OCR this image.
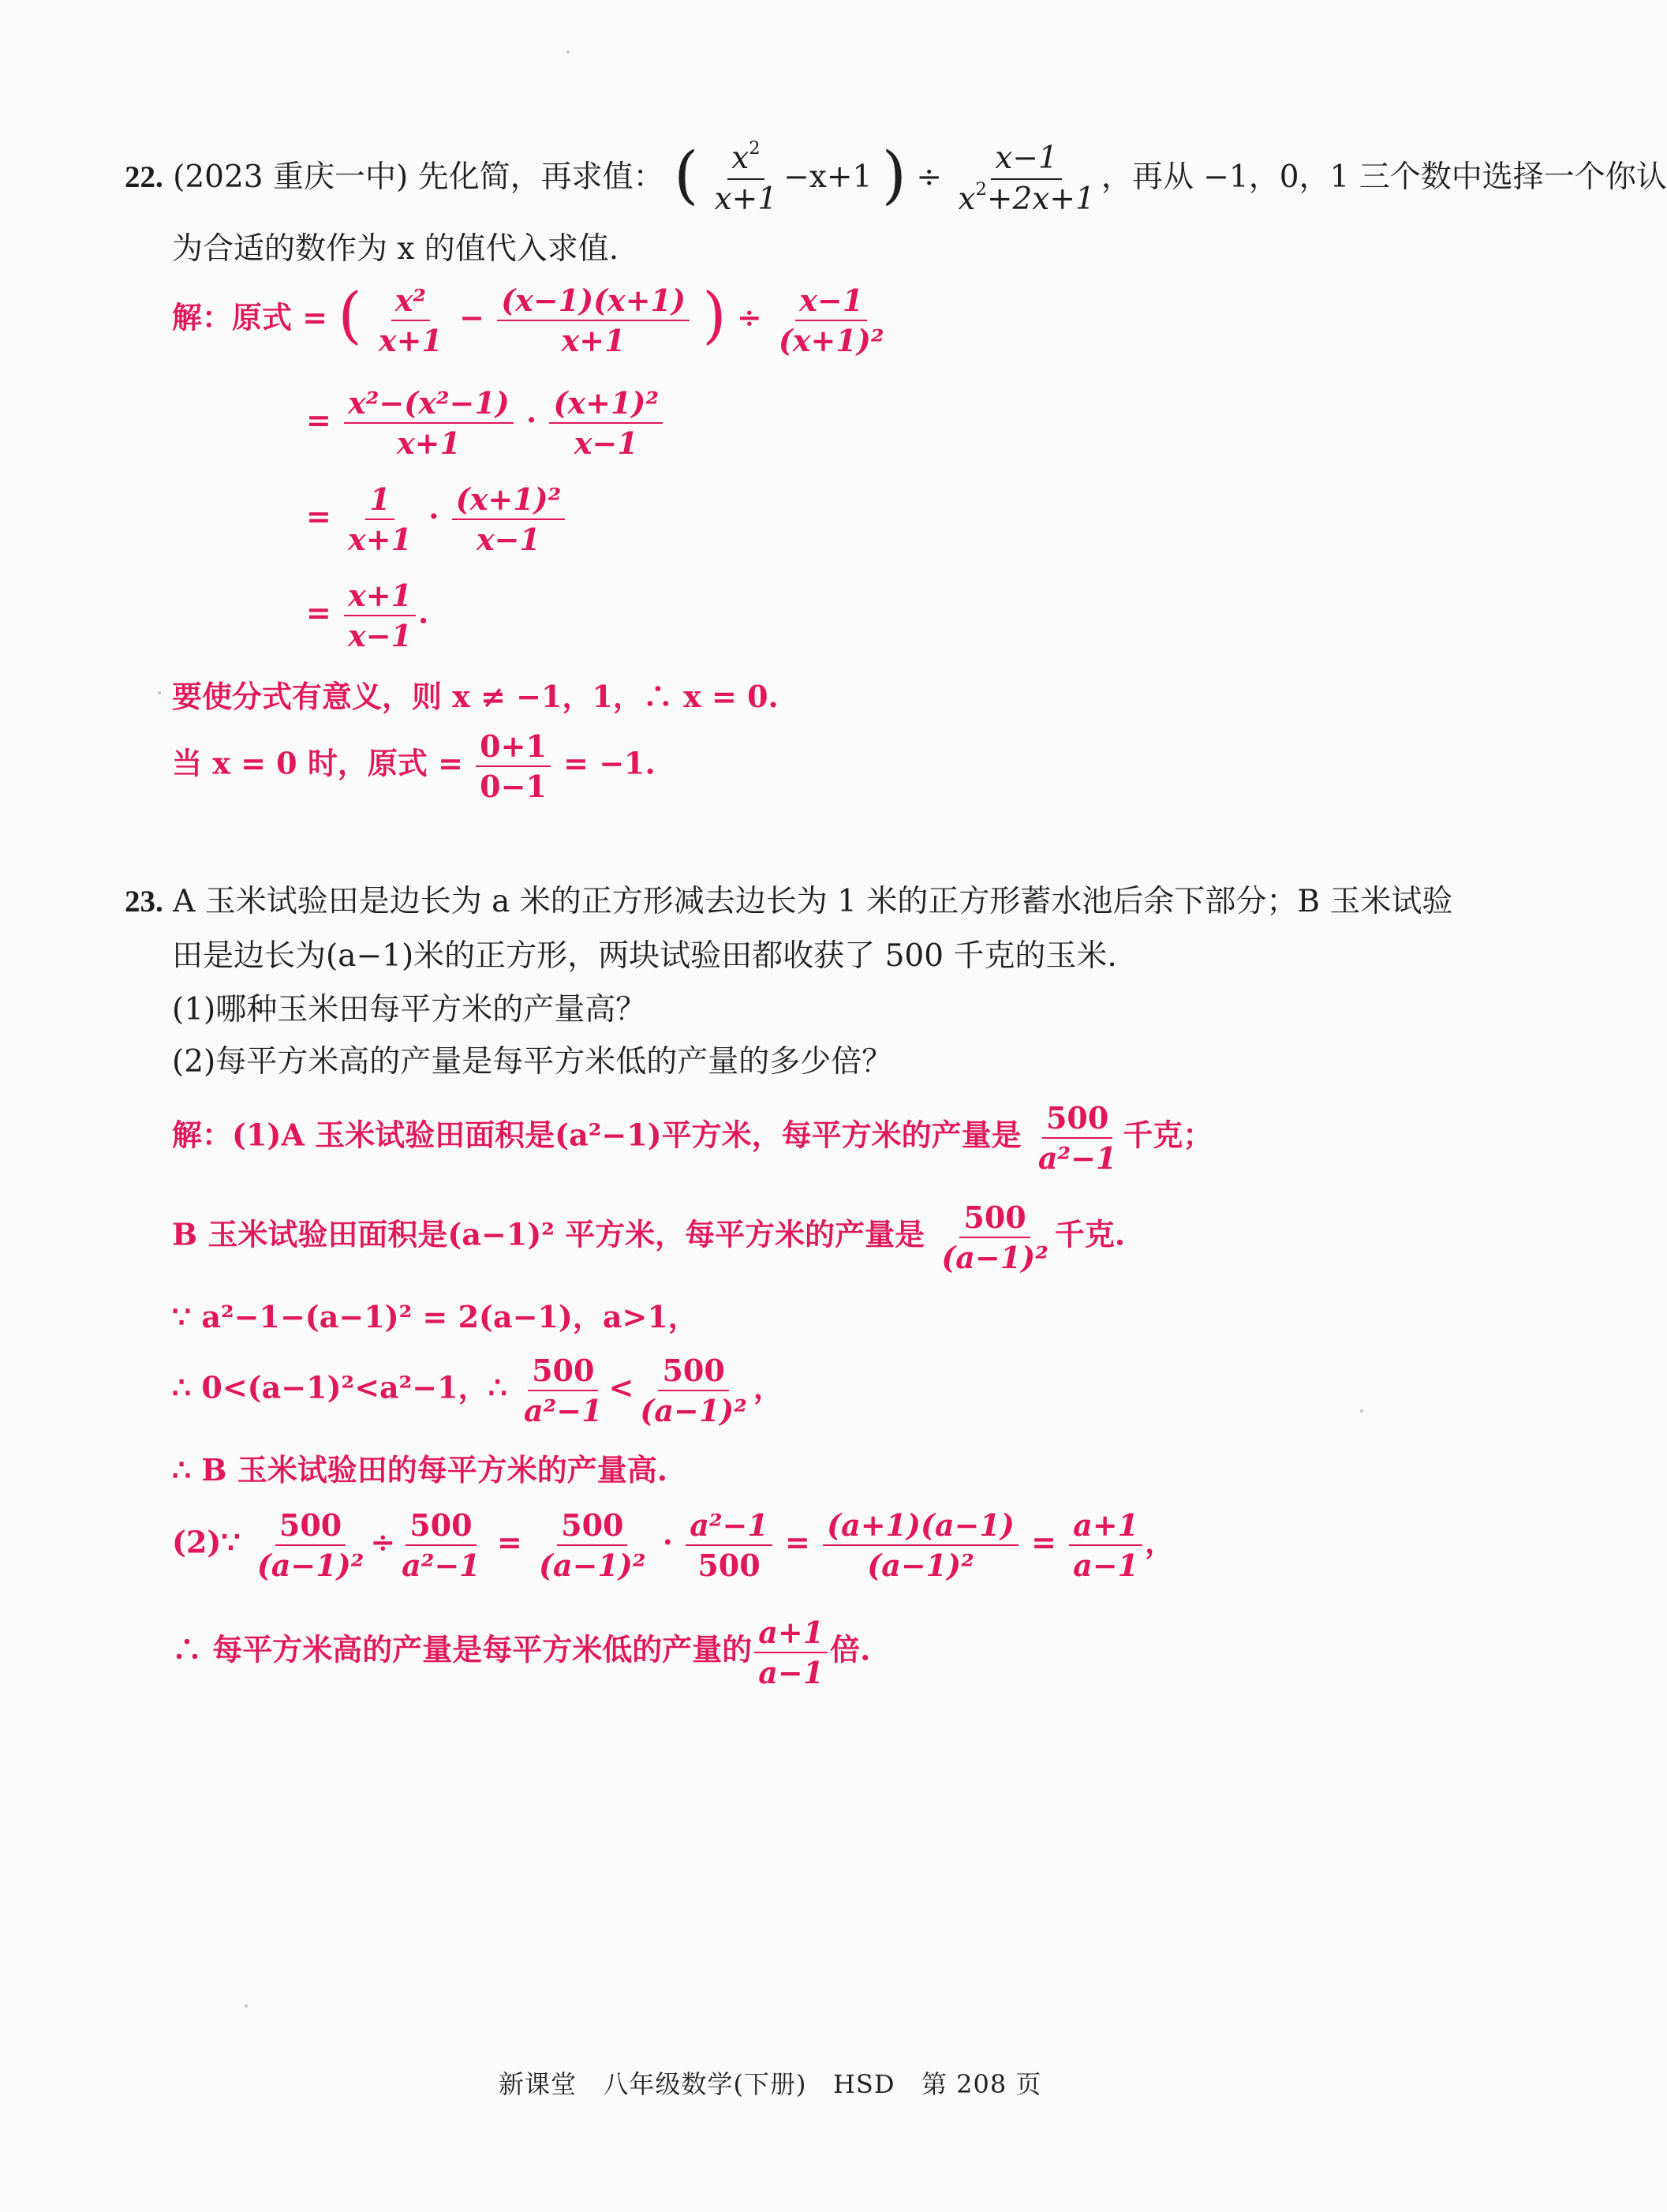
22. (2023 重庆一中) 先化简，再求值： ( $\frac{x^2}{x+1} -x+1$ ) ÷ $\frac{x-1}{x^2+2x+1}$ ，再从 −1，0，1 三个数中选择一个你认
为合适的数作为 x 的值代入求值.
解：原式 = ( $\frac{\text{x²}}{x+1} - \frac{(x-1)(x+1)}{x+1}$ ) ÷ $\frac{x-1}{\text{(x+1)²}}$
= $\frac{\text{x²−(x²−1)}}{x+1} \cdot \frac{\text{(x+1)²}}{x-1}$
= $\frac{1}{x+1} \cdot \frac{\text{(x+1)²}}{x-1}$
= $\frac{x+1}{x-1}$ .
要使分式有意义，则 x ≠ −1，1，∴ x = 0.
当 x = 0 时，原式 = $\frac{0+1}{0-1} = -1$.
23. A 玉米试验田是边长为 a 米的正方形减去边长为 1 米的正方形蓄水池后余下部分；B 玉米试验
田是边长为(a−1)米的正方形，两块试验田都收获了 500 千克的玉米.
(1)哪种玉米田每平方米的产量高？
(2)每平方米高的产量是每平方米低的产量的多少倍？
解：(1)A 玉米试验田面积是(a²−1)平方米，每平方米的产量是 $\frac{500}{\text{a²−1}}$ 千克；
B 玉米试验田面积是(a−1)² 平方米，每平方米的产量是 $\frac{500}{\text{(a−1)²}}$ 千克.
∵ a²−1−(a−1)² = 2(a−1)，a>1，
∴ 0<(a−1)²<a²−1，∴ $\frac{500}{\text{a²−1}} < \frac{500}{\text{(a−1)²}}$ ，
∴ B 玉米试验田的每平方米的产量高.
(2)∵ $\frac{500}{\text{(a−1)²}} \div \frac{500}{\text{a²−1}} = \frac{500}{\text{(a−1)²}} \cdot \frac{\text{a²−1}}{500} = \frac{(a+1)(a-1)}{\text{(a−1)²}} = \frac{a+1}{a-1}$ ，
∴ 每平方米高的产量是每平方米低的产量的 $\frac{a+1}{a-1}$ 倍.
新课堂   八年级数学(下册)   HSD   第 208 页
